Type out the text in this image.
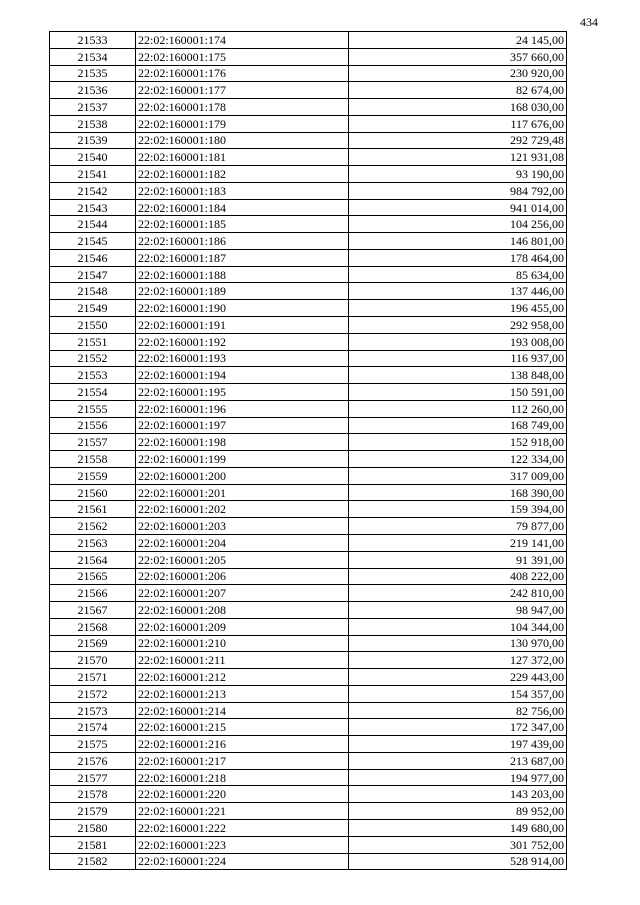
434
21533	22:02:160001:174	24 145,00
21534	22:02:160001:175	357 660,00
21535	22:02:160001:176	230 920,00
21536	22:02:160001:177	82 674,00
21537	22:02:160001:178	168 030,00
21538	22:02:160001:179	117 676,00
21539	22:02:160001:180	292 729,48
21540	22:02:160001:181	121 931,08
21541	22:02:160001:182	93 190,00
21542	22:02:160001:183	984 792,00
21543	22:02:160001:184	941 014,00
21544	22:02:160001:185	104 256,00
21545	22:02:160001:186	146 801,00
21546	22:02:160001:187	178 464,00
21547	22:02:160001:188	85 634,00
21548	22:02:160001:189	137 446,00
21549	22:02:160001:190	196 455,00
21550	22:02:160001:191	292 958,00
21551	22:02:160001:192	193 008,00
21552	22:02:160001:193	116 937,00
21553	22:02:160001:194	138 848,00
21554	22:02:160001:195	150 591,00
21555	22:02:160001:196	112 260,00
21556	22:02:160001:197	168 749,00
21557	22:02:160001:198	152 918,00
21558	22:02:160001:199	122 334,00
21559	22:02:160001:200	317 009,00
21560	22:02:160001:201	168 390,00
21561	22:02:160001:202	159 394,00
21562	22:02:160001:203	79 877,00
21563	22:02:160001:204	219 141,00
21564	22:02:160001:205	91 391,00
21565	22:02:160001:206	408 222,00
21566	22:02:160001:207	242 810,00
21567	22:02:160001:208	98 947,00
21568	22:02:160001:209	104 344,00
21569	22:02:160001:210	130 970,00
21570	22:02:160001:211	127 372,00
21571	22:02:160001:212	229 443,00
21572	22:02:160001:213	154 357,00
21573	22:02:160001:214	82 756,00
21574	22:02:160001:215	172 347,00
21575	22:02:160001:216	197 439,00
21576	22:02:160001:217	213 687,00
21577	22:02:160001:218	194 977,00
21578	22:02:160001:220	143 203,00
21579	22:02:160001:221	89 952,00
21580	22:02:160001:222	149 680,00
21581	22:02:160001:223	301 752,00
21582	22:02:160001:224	528 914,00
